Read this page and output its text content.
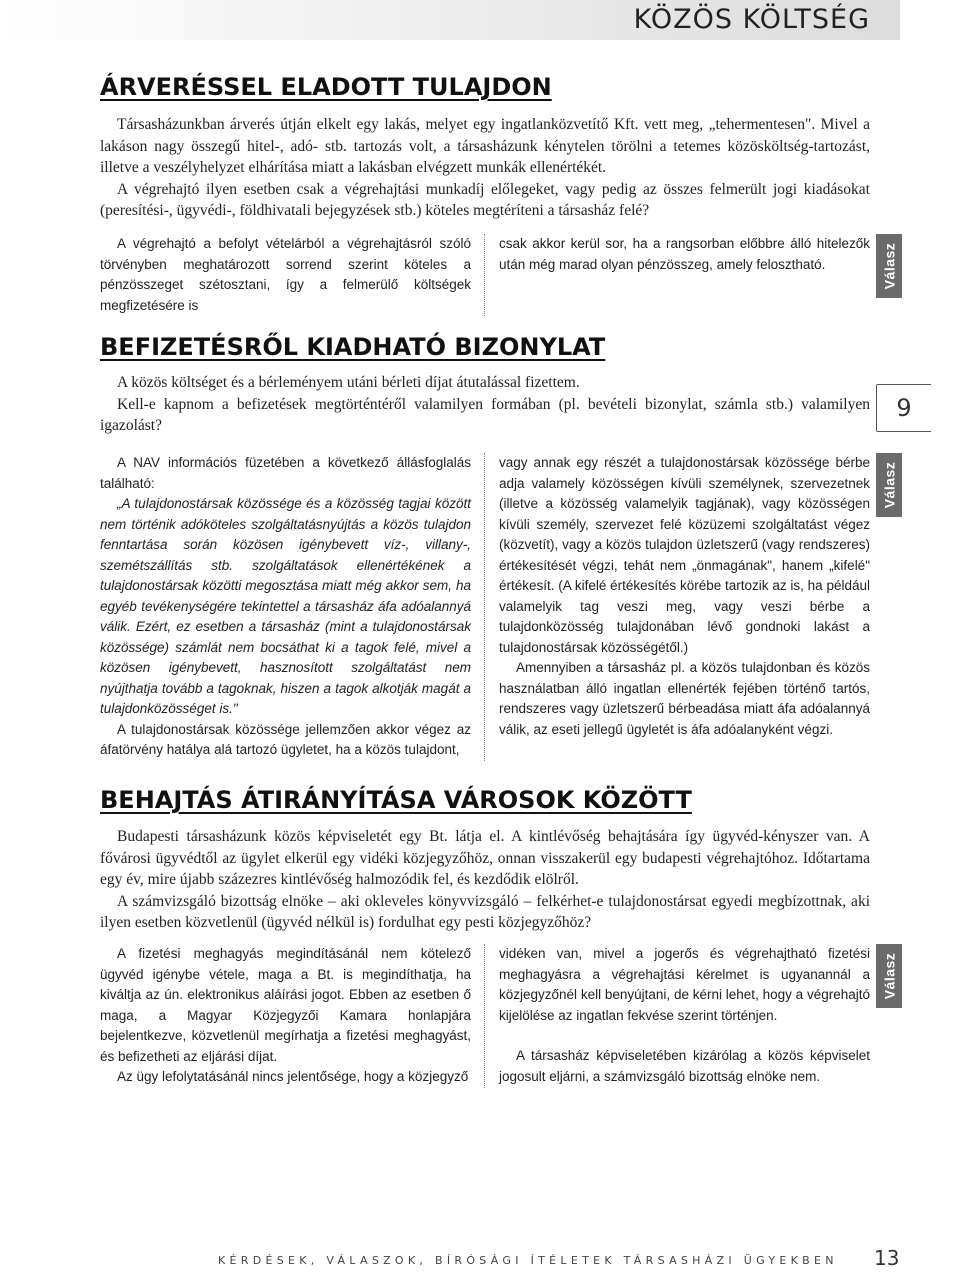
KÖZÖS KÖLTSÉG
ÁRVERÉSSEL ELADOTT TULAJDON

Társasházunkban árverés útján elkelt egy lakás, melyet egy ingatlanközvetítő Kft. vett meg, „tehermentesen". Mivel a lakáson nagy összegű hitel-, adó- stb. tartozás volt, a társasházunk kénytelen törölni a tetemes közösköltség-tartozást, illetve a veszélyhelyzet elhárítása miatt a lakásban elvégzett munkák ellenértékét.

A végrehajtó ilyen esetben csak a végrehajtási munkadíj előlegeket, vagy pedig az összes felmerült jogi kiadásokat (peresítési-, ügyvédi-, földhivatali bejegyzések stb.) köteles megtéríteni a társasház felé?

A végrehajtó a befolyt vételárból a végrehajtásról szóló törvényben meghatározott sorrend szerint köteles a pénzösszeget szétosztani, így a felmerülő költségek megfizetésére is

csak akkor kerül sor, ha a rangsorban előbbre álló hitelezők után még marad olyan pénzösszeg, amely felosztható.	Válasz
BEFIZETÉSRŐL KIADHATÓ BIZONYLAT

A közös költséget és a bérleményem utáni bérleti díjat átutalással fizettem.

Kell-e kapnom a befizetések megtörténtéről valamilyen formában (pl. bevételi bizonylat, számla stb.) valamilyen igazolást?

9

A NAV információs füzetében a következő állásfoglalás található:

„A tulajdonostársak közössége és a közösség tagjai között nem történik adóköteles szolgáltatásnyújtás a közös tulajdon fenntartása során közösen igénybevett víz-, villany-, szemétszállítás stb. szolgáltatások ellenértékének a tulajdonostársak közötti megosztása miatt még akkor sem, ha egyéb tevékenységére tekintettel a társasház áfa adóalannyá válik. Ezért, ez esetben a társasház (mint a tulajdonostársak közössége) számlát nem bocsáthat ki a tagok felé, mivel a közösen igénybevett, hasznosított szolgáltatást nem nyújthatja tovább a tagoknak, hiszen a tagok alkotják magát a tulajdonközösséget is."

A tulajdonostársak közössége jellemzően akkor végez az áfatörvény hatálya alá tartozó ügyletet, ha a közös tulajdont,

vagy annak egy részét a tulajdonostársak közössége bérbe adja valamely közösségen kívüli személynek, szervezetnek (illetve a közösség valamelyik tagjának), vagy közösségen kívüli személy, szervezet felé közüzemi szolgáltatást végez (közvetít), vagy a közös tulajdon üzletszerű (vagy rendszeres) értékesítését végzi, tehát nem „önmagának", hanem „kifelé" értékesít. (A kifelé értékesítés körébe tartozik az is, ha például valamelyik tag veszi meg, vagy veszi bérbe a tulajdonközösség tulajdonában lévő gondnoki lakást a tulajdonostársak közösségétől.)

Amennyiben a társasház pl. a közös tulajdonban és közös használatban álló ingatlan ellenérték fejében történő tartós, rendszeres vagy üzletszerű bérbeadása miatt áfa adóalannyá válik, az eseti jellegű ügyletét is áfa adóalanyként végzi.

Válasz
BEHAJTÁS ÁTIRÁNYÍTÁSA VÁROSOK KÖZÖTT

Budapesti társasházunk közös képviseletét egy Bt. látja el. A kintlévőség behajtására így ügyvéd-kényszer van. A fővárosi ügyvédtől az ügylet elkerül egy vidéki közjegyzőhöz, onnan visszakerül egy budapesti végrehajtóhoz. Időtartama egy év, mire újabb százezres kintlévőség halmozódik fel, és kezdődik elölről.

A számvizsgáló bizottság elnöke – aki okleveles könyvvizsgáló – felkérhet-e tulajdonostársat egyedi megbízottnak, aki ilyen esetben közvetlenül (ügyvéd nélkül is) fordulhat egy pesti közjegyzőhöz?

A fizetési meghagyás megindításánál nem kötelező ügyvéd igénybe vétele, maga a Bt. is megindíthatja, ha kiváltja az ún. elektronikus aláírási jogot. Ebben az esetben ő maga, a Magyar Közjegyzői Kamara honlapjára bejelentkezve, közvetlenül megírhatja a fizetési meghagyást, és befizetheti az eljárási díjat.

Az ügy lefolytatásánál nincs jelentősége, hogy a közjegyző

vidéken van, mivel a jogerős és végrehajtható fizetési meghagyásra a végrehajtási kérelmet is ugyanannál a közjegyzőnél kell benyújtani, de kérni lehet, hogy a végrehajtó kijelölése az ingatlan fekvése szerint történjen.

A társasház képviseletében kizárólag a közös képviselet jogosult eljárni, a számvizsgáló bizottság elnöke nem.

Válasz
KÉRDÉSEK, VÁLASZOK, BÍRÓSÁGI ÍTÉLETEK TÁRSASHÁZI ÜGYEKBEN 13
